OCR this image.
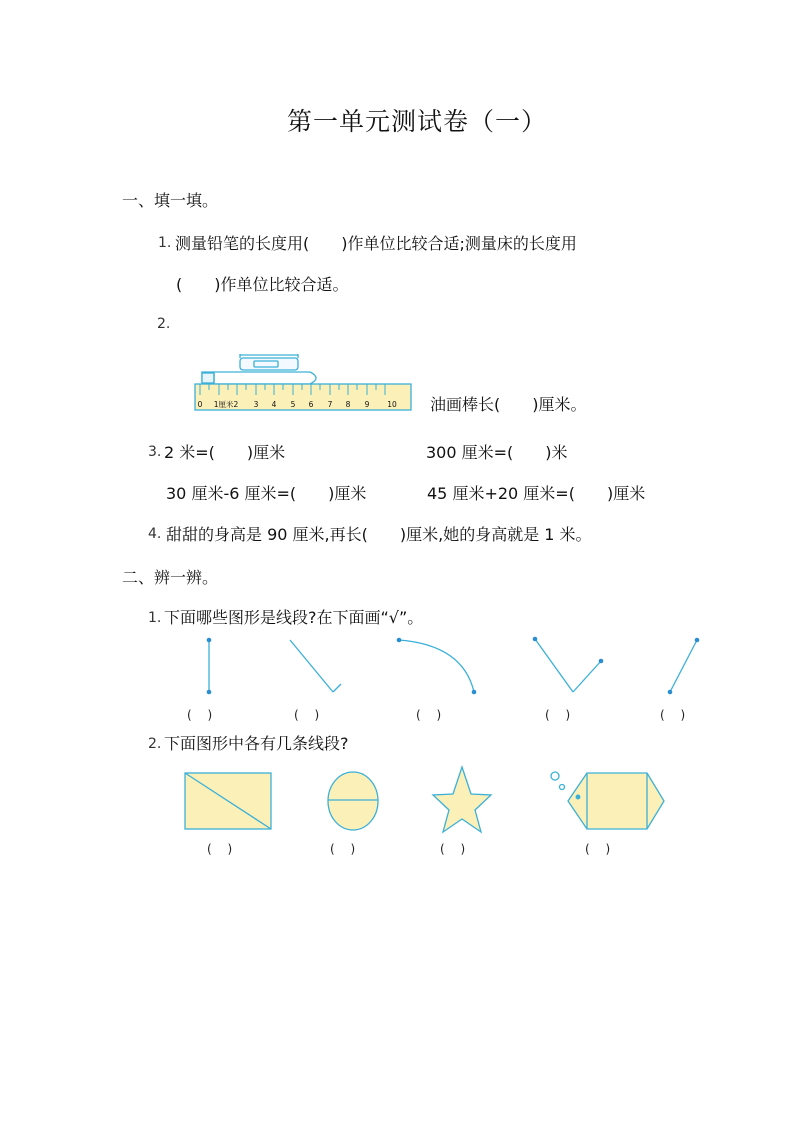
第一单元测试卷（一）
一、填一填。
1. 测量铅笔的长度用(　　)作单位比较合适;测量床的长度用
(　　)作单位比较合适。
2.
0 1厘米2 3 4 5 6 7 8 9 10 油画棒长(　　)厘米。
3. 2 米=(　　)厘米	300 厘米=(　　)米
30 厘米-6 厘米=(　　)厘米	45 厘米+20 厘米=(　　)厘米
4. 甜甜的身高是 90 厘米,再长(　　)厘米,她的身高就是 1 米。
二、辨一辨。
1. 下面哪些图形是线段?在下面画“√”。
(　 )	(　 )	(　 )	(　 )	(　 )
2. 下面图形中各有几条线段?
(　 )	(　 )	(　 )	(　 )
